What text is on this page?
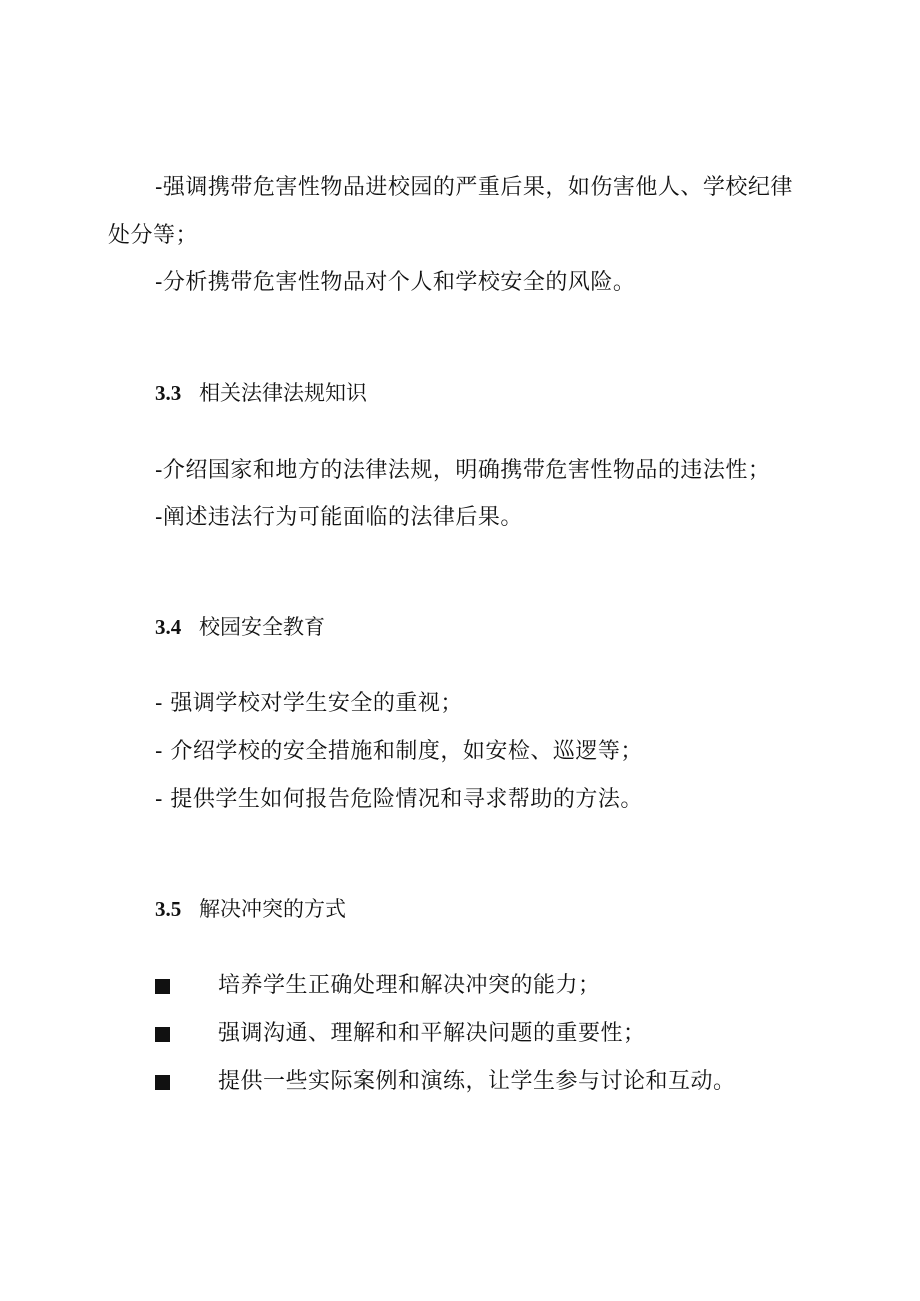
-强调携带危害性物品进校园的严重后果，如伤害他人、学校纪律
处分等；
-分析携带危害性物品对个人和学校安全的风险。
3.3 相关法律法规知识
-介绍国家和地方的法律法规，明确携带危害性物品的违法性；
-阐述违法行为可能面临的法律后果。
3.4 校园安全教育
- 强调学校对学生安全的重视；
- 介绍学校的安全措施和制度，如安检、巡逻等；
- 提供学生如何报告危险情况和寻求帮助的方法。
3.5 解决冲突的方式
培养学生正确处理和解决冲突的能力；
强调沟通、理解和和平解决问题的重要性；
提供一些实际案例和演练，让学生参与讨论和互动。
